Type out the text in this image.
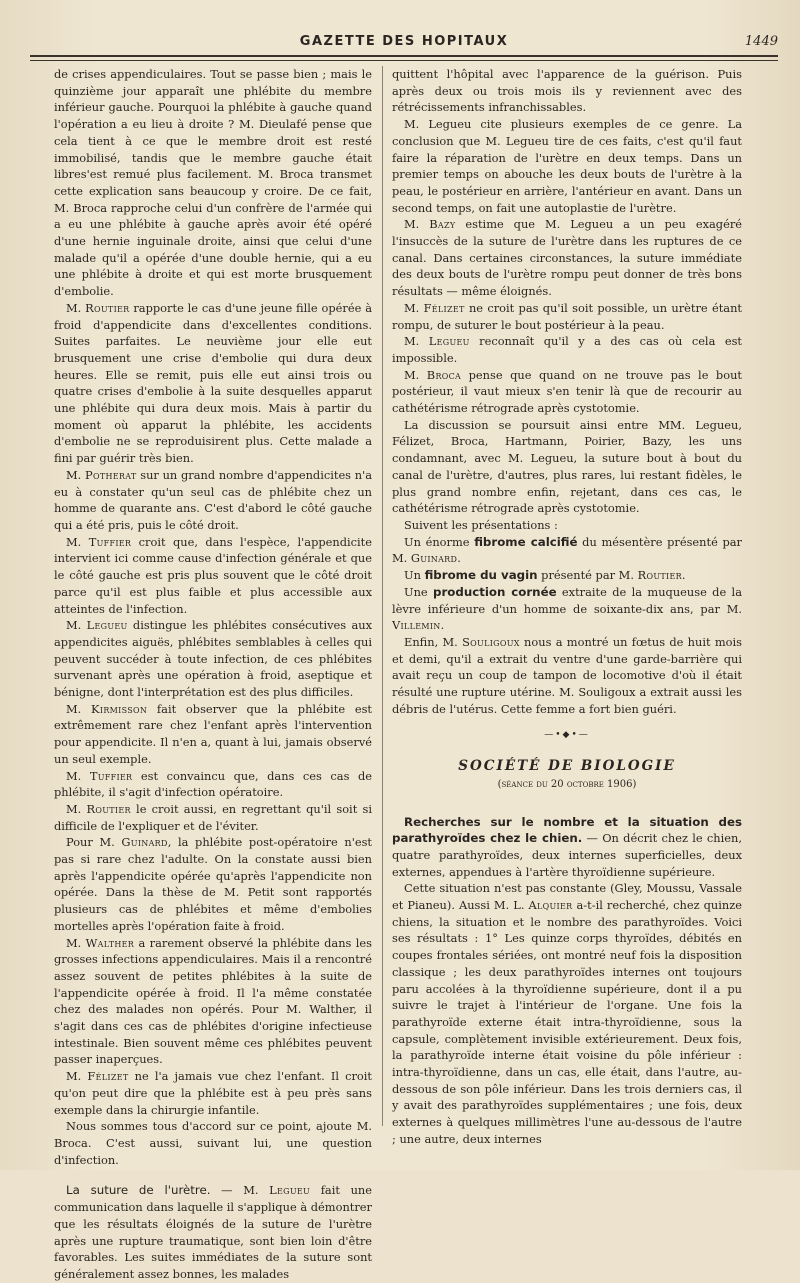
GAZETTE DES HOPITAUX	1449

de crises appendiculaires. Tout se passe bien ; mais le quinzième jour apparaît une phlébite du membre inférieur gauche. Pourquoi la phlébite à gauche quand l'opération a eu lieu à droite ? M. Dieulafé pense que cela tient à ce que le membre droit est resté immobilisé, tandis que le membre gauche était libres'est remué plus facilement. M. Broca transmet cette explication sans beaucoup y croire. De ce fait, M. Broca rapproche celui d'un confrère de l'armée qui a eu une phlébite à gauche après avoir été opéré d'une hernie inguinale droite, ainsi que celui d'une malade qu'il a opérée d'une double hernie, qui a eu une phlébite à droite et qui est morte brusquement d'embolie.

M. Routier rapporte le cas d'une jeune fille opérée à froid d'appendicite dans d'excellentes conditions. Suites parfaites. Le neuvième jour elle eut brusquement une crise d'embolie qui dura deux heures. Elle se remit, puis elle eut ainsi trois ou quatre crises d'embolie à la suite desquelles apparut une phlébite qui dura deux mois. Mais à partir du moment où apparut la phlébite, les accidents d'embolie ne se reproduisirent plus. Cette malade a fini par guérir très bien.

M. Potherat sur un grand nombre d'appendicites n'a eu à constater qu'un seul cas de phlébite chez un homme de quarante ans. C'est d'abord le côté gauche qui a été pris, puis le côté droit.

M. Tuffier croit que, dans l'espèce, l'appendicite intervient ici comme cause d'infection générale et que le côté gauche est pris plus souvent que le côté droit parce qu'il est plus faible et plus accessible aux atteintes de l'infection.

M. Legueu distingue les phlébites consécutives aux appendicites aiguës, phlébites semblables à celles qui peuvent succéder à toute infection, de ces phlébites survenant après une opération à froid, aseptique et bénigne, dont l'interprétation est des plus difficiles.

M. Kirmisson fait observer que la phlébite est extrêmement rare chez l'enfant après l'intervention pour appendicite. Il n'en a, quant à lui, jamais observé un seul exemple.

M. Tuffier est convaincu que, dans ces cas de phlébite, il s'agit d'infection opératoire.

M. Routier le croit aussi, en regrettant qu'il soit si difficile de l'expliquer et de l'éviter.

Pour M. Guinard, la phlébite post-opératoire n'est pas si rare chez l'adulte. On la constate aussi bien après l'appendicite opérée qu'après l'appendicite non opérée. Dans la thèse de M. Petit sont rapportés plusieurs cas de phlébites et même d'embolies mortelles après l'opération faite à froid.

M. Walther a rarement observé la phlébite dans les grosses infections appendiculaires. Mais il a rencontré assez souvent de petites phlébites à la suite de l'appendicite opérée à froid. Il l'a même constatée chez des malades non opérés. Pour M. Walther, il s'agit dans ces cas de phlébites d'origine infectieuse intestinale. Bien souvent même ces phlébites peuvent passer inaperçues.

M. Félizet ne l'a jamais vue chez l'enfant. Il croit qu'on peut dire que la phlébite est à peu près sans exemple dans la chirurgie infantile.

Nous sommes tous d'accord sur ce point, ajoute M. Broca. C'est aussi, suivant lui, une question d'infection.

La suture de l'urètre. — M. Legueu fait une communication dans laquelle il s'applique à démontrer que les résultats éloignés de la suture de l'urètre après une rupture traumatique, sont bien loin d'être favorables. Les suites immédiates de la suture sont généralement assez bonnes, les malades

quittent l'hôpital avec l'apparence de la guérison. Puis après deux ou trois mois ils y reviennent avec des rétrécissements infranchissables.

M. Legueu cite plusieurs exemples de ce genre. La conclusion que M. Legueu tire de ces faits, c'est qu'il faut faire la réparation de l'urètre en deux temps. Dans un premier temps on abouche les deux bouts de l'urètre à la peau, le postérieur en arrière, l'antérieur en avant. Dans un second temps, on fait une autoplastie de l'urètre.

M. Bazy estime que M. Legueu a un peu exagéré l'insuccès de la suture de l'urètre dans les ruptures de ce canal. Dans certaines circonstances, la suture immédiate des deux bouts de l'urètre rompu peut donner de très bons résultats — même éloignés.

M. Félizet ne croit pas qu'il soit possible, un urètre étant rompu, de suturer le bout postérieur à la peau.

M. Legueu reconnaît qu'il y a des cas où cela est impossible.

M. Broca pense que quand on ne trouve pas le bout postérieur, il vaut mieux s'en tenir là que de recourir au cathétérisme rétrograde après cystotomie.

La discussion se poursuit ainsi entre MM. Legueu, Félizet, Broca, Hartmann, Poirier, Bazy, les uns condamnant, avec M. Legueu, la suture bout à bout du canal de l'urètre, d'autres, plus rares, lui restant fidèles, le plus grand nombre enfin, rejetant, dans ces cas, le cathétérisme rétrograde après cystotomie.

Suivent les présentations :

Un énorme fibrome calcifié du mésentère présenté par M. Guinard.

Un fibrome du vagin présenté par M. Routier.

Une production cornée extraite de la muqueuse de la lèvre inférieure d'un homme de soixante-dix ans, par M. Villemin.

Enfin, M. Souligoux nous a montré un fœtus de huit mois et demi, qu'il a extrait du ventre d'une garde-barrière qui avait reçu un coup de tampon de locomotive d'où il était résulté une rupture utérine. M. Souligoux a extrait aussi les débris de l'utérus. Cette femme a fort bien guéri.

—•◆•—
SOCIÉTÉ DE BIOLOGIE
(séance du 20 octobre 1906)

Recherches sur le nombre et la situation des parathyroïdes chez le chien. — On décrit chez le chien, quatre parathyroïdes, deux internes superficielles, deux externes, appendues à l'artère thyroïdienne supérieure.

Cette situation n'est pas constante (Gley, Moussu, Vassale et Pianeu). Aussi M. L. Alquier a-t-il recherché, chez quinze chiens, la situation et le nombre des parathyroïdes. Voici ses résultats : 1° Les quinze corps thyroïdes, débités en coupes frontales sériées, ont montré neuf fois la disposition classique ; les deux parathyroïdes internes ont toujours paru accolées à la thyroïdienne supérieure, dont il a pu suivre le trajet à l'intérieur de l'organe. Une fois la parathyroïde externe était intra-thyroïdienne, sous la capsule, complètement invisible extérieurement. Deux fois, la parathyroïde interne était voisine du pôle inférieur : intra-thyroïdienne, dans un cas, elle était, dans l'autre, au-dessous de son pôle inférieur. Dans les trois derniers cas, il y avait des parathyroïdes supplémentaires ; une fois, deux externes à quelques millimètres l'une au-dessous de l'autre ; une autre, deux internes
